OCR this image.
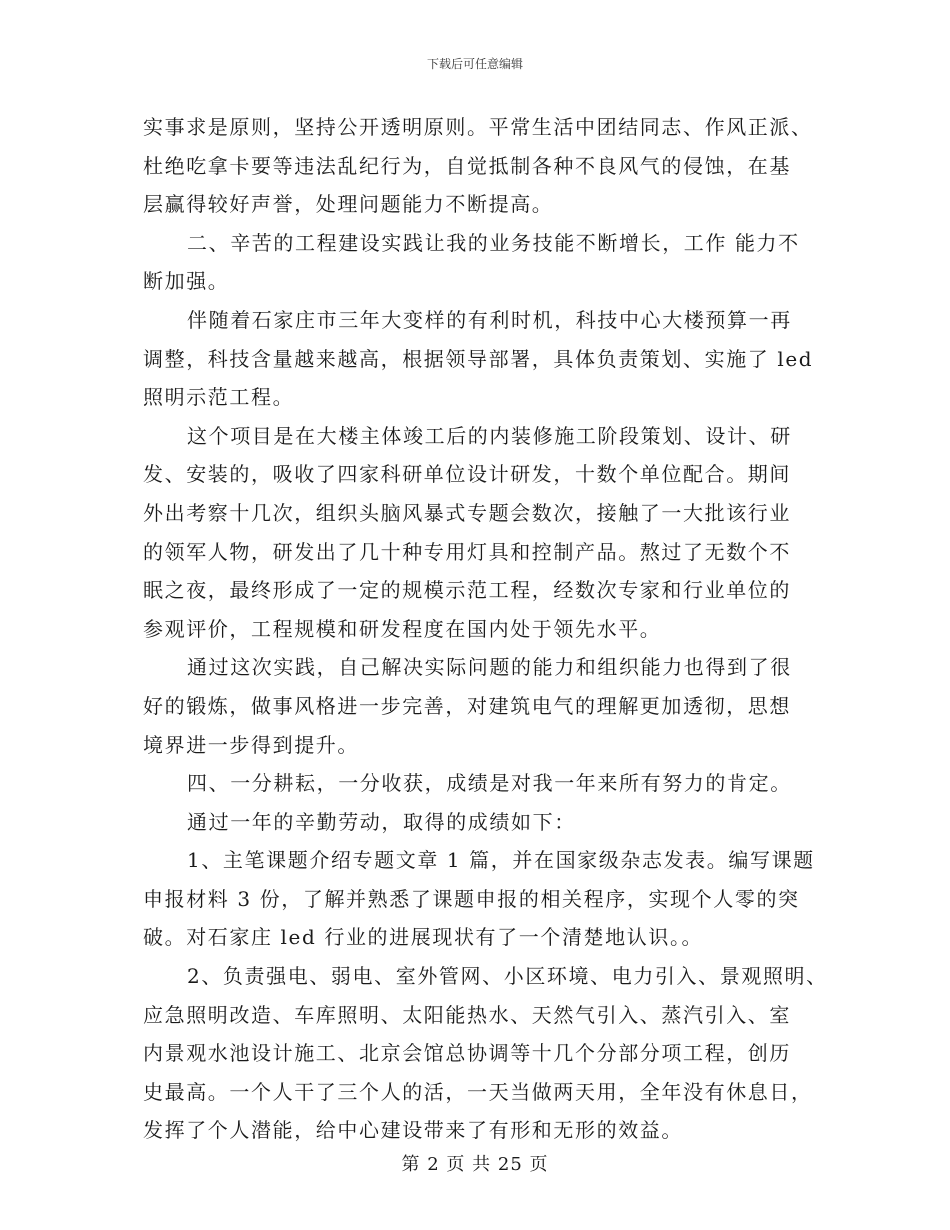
下载后可任意编辑
实事求是原则，坚持公开透明原则。平常生活中团结同志、作风正派、
杜绝吃拿卡要等违法乱纪行为，自觉抵制各种不良风气的侵蚀，在基
层赢得较好声誉，处理问题能力不断提高。
二、辛苦的工程建设实践让我的业务技能不断增长，工作 能力不
断加强。
伴随着石家庄市三年大变样的有利时机，科技中心大楼预算一再
调整，科技含量越来越高，根据领导部署，具体负责策划、实施了 led
照明示范工程。
这个项目是在大楼主体竣工后的内装修施工阶段策划、设计、研
发、安装的，吸收了四家科研单位设计研发，十数个单位配合。期间
外出考察十几次，组织头脑风暴式专题会数次，接触了一大批该行业
的领军人物，研发出了几十种专用灯具和控制产品。熬过了无数个不
眠之夜，最终形成了一定的规模示范工程，经数次专家和行业单位的
参观评价，工程规模和研发程度在国内处于领先水平。
通过这次实践，自己解决实际问题的能力和组织能力也得到了很
好的锻炼，做事风格进一步完善，对建筑电气的理解更加透彻，思想
境界进一步得到提升。
四、一分耕耘，一分收获，成绩是对我一年来所有努力的肯定。
通过一年的辛勤劳动，取得的成绩如下：
1、主笔课题介绍专题文章 1 篇，并在国家级杂志发表。编写课题
申报材料 3 份，了解并熟悉了课题申报的相关程序，实现个人零的突
破。对石家庄 led 行业的进展现状有了一个清楚地认识。。
2、负责强电、弱电、室外管网、小区环境、电力引入、景观照明、
应急照明改造、车库照明、太阳能热水、天然气引入、蒸汽引入、室
内景观水池设计施工、北京会馆总协调等十几个分部分项工程，创历
史最高。一个人干了三个人的活，一天当做两天用，全年没有休息日，
发挥了个人潜能，给中心建设带来了有形和无形的效益。
第 2 页 共 25 页
